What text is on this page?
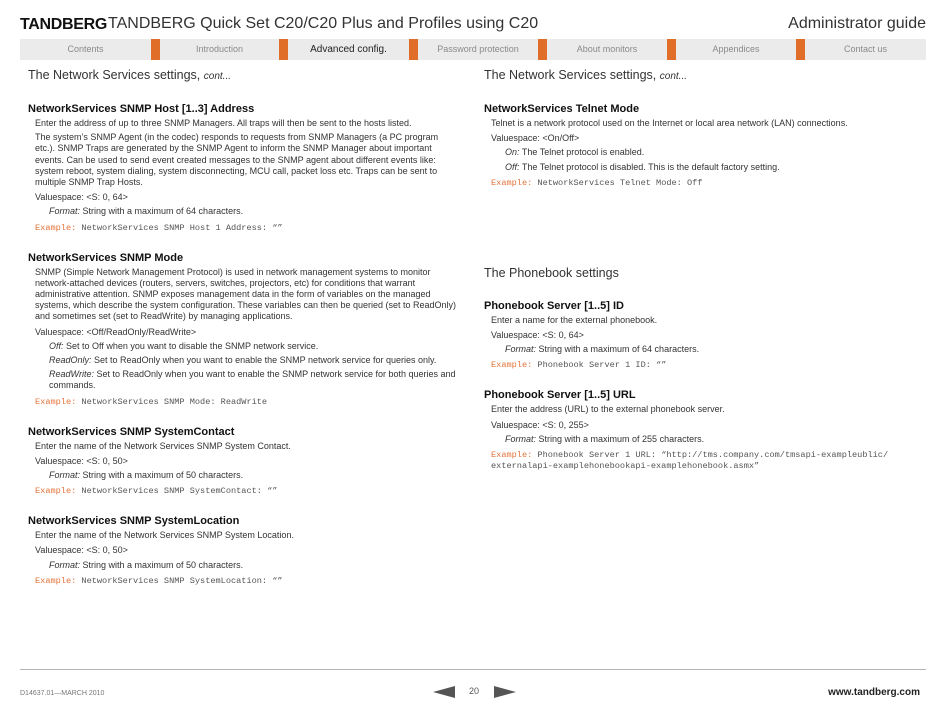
TANDBERG TANDBERG Quick Set C20/C20 Plus and Profiles using C20	Administrator guide
Contents	Introduction	Advanced config.	Password protection	About monitors	Appendices	Contact us
The Network Services settings, cont...
NetworkServices SNMP Host [1..3] Address
Enter the address of up to three SNMP Managers. All traps will then be sent to the hosts listed.
The system’s SNMP Agent (in the codec) responds to requests from SNMP Managers (a PC program etc.). SNMP Traps are generated by the SNMP Agent to inform the SNMP Manager about important events. Can be used to send event created messages to the SNMP agent about different events like: system reboot, system dialing, system disconnecting, MCU call, packet loss etc. Traps can be sent to multiple SNMP Trap Hosts.
Valuespace: <S: 0, 64>
Format: String with a maximum of 64 characters.
Example: NetworkServices SNMP Host 1 Address: “”
NetworkServices SNMP Mode
SNMP (Simple Network Management Protocol) is used in network management systems to monitor network-attached devices (routers, servers, switches, projectors, etc) for conditions that warrant administrative attention. SNMP exposes management data in the form of variables on the managed systems, which describe the system configuration. These variables can then be queried (set to ReadOnly) and sometimes set (set to ReadWrite) by managing applications.
Valuespace: <Off/ReadOnly/ReadWrite>
Off: Set to Off when you want to disable the SNMP network service.
ReadOnly: Set to ReadOnly when you want to enable the SNMP network service for queries only.
ReadWrite: Set to ReadOnly when you want to enable the SNMP network service for both queries and commands.
Example: NetworkServices SNMP Mode: ReadWrite
NetworkServices SNMP SystemContact
Enter the name of the Network Services SNMP System Contact.
Valuespace: <S: 0, 50>
Format: String with a maximum of 50 characters.
Example: NetworkServices SNMP SystemContact: “”
NetworkServices SNMP SystemLocation
Enter the name of the Network Services SNMP System Location.
Valuespace: <S: 0, 50>
Format: String with a maximum of 50 characters.
Example: NetworkServices SNMP SystemLocation: “”
The Network Services settings, cont...
NetworkServices Telnet Mode
Telnet is a network protocol used on the Internet or local area network (LAN) connections.
Valuespace: <On/Off>
On: The Telnet protocol is enabled.
Off: The Telnet protocol is disabled. This is the default factory setting.
Example: NetworkServices Telnet Mode: Off
The Phonebook settings
Phonebook Server [1..5] ID
Enter a name for the external phonebook.
Valuespace: <S: 0, 64>
Format: String with a maximum of 64 characters.
Example: Phonebook Server 1 ID: “”
Phonebook Server [1..5] URL
Enter the address (URL) to the external phonebook server.
Valuespace: <S: 0, 255>
Format: String with a maximum of 255 characters.
Example: Phonebook Server 1 URL: “http://tms.company.com/tmsapi-exampleublic/
externalapi-examplehonebookapi-examplehonebook.asmx”
D14637.01—MARCH 2010	20	www.tandberg.com
